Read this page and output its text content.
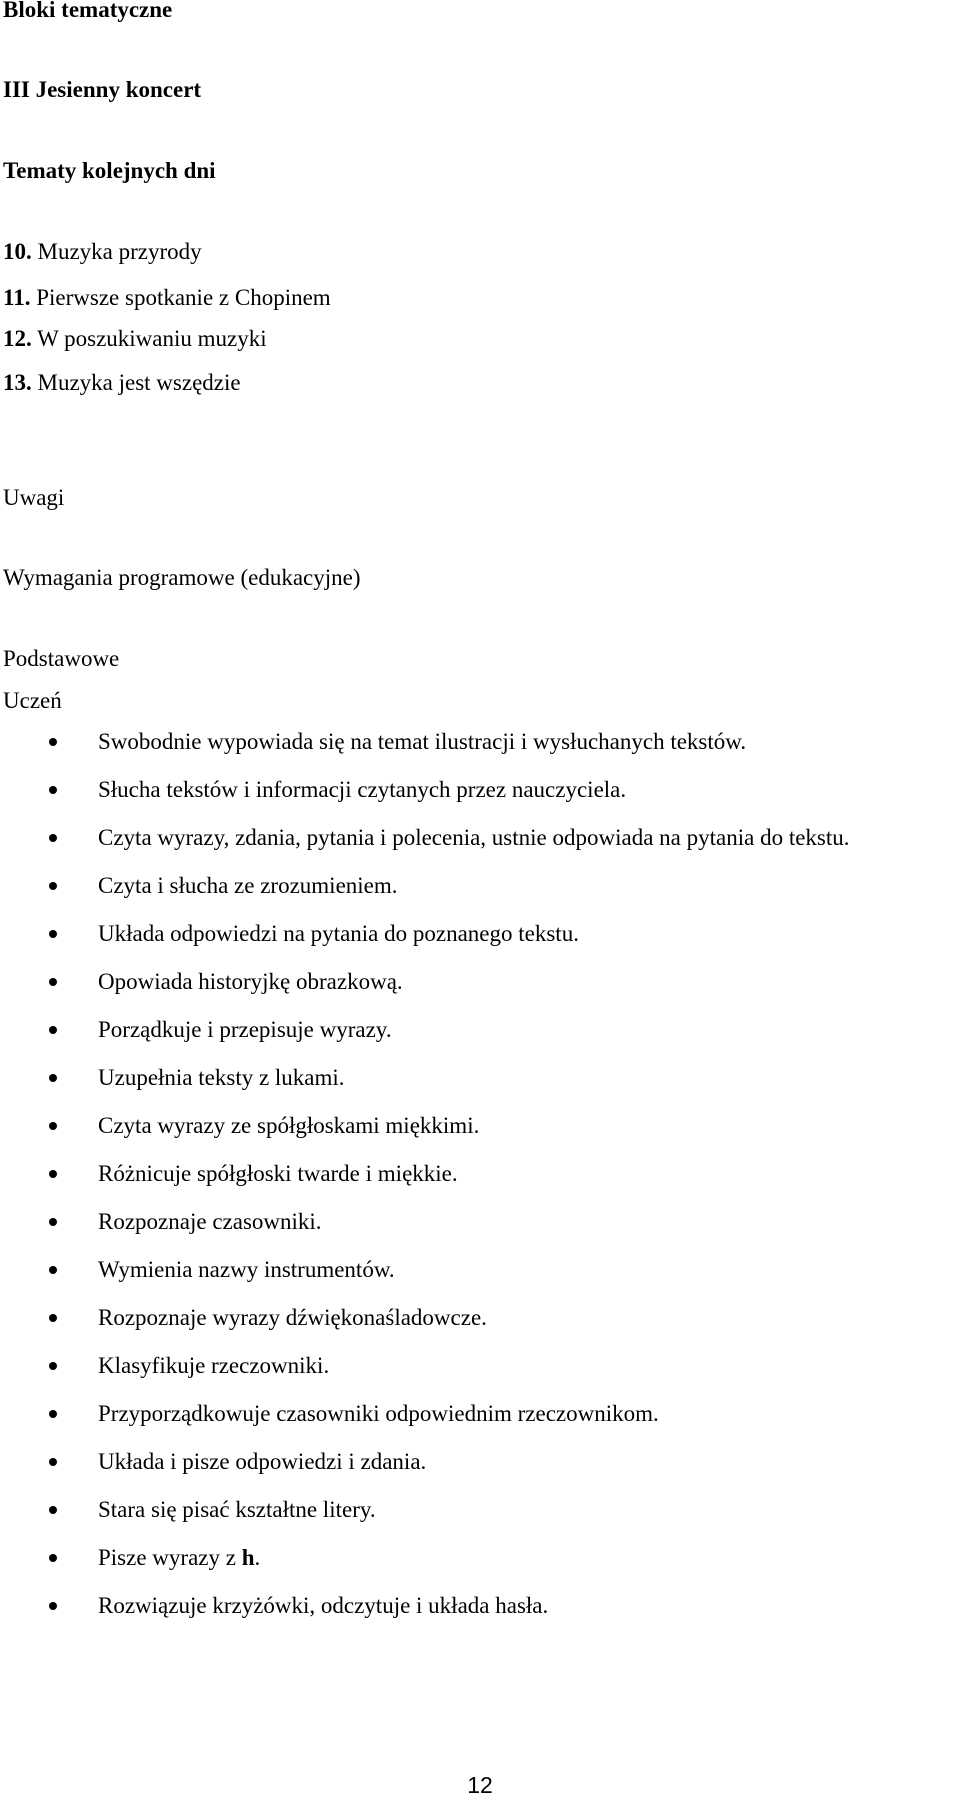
Bloki tematyczne
III Jesienny koncert
Tematy kolejnych dni
10. Muzyka przyrody
11. Pierwsze spotkanie z Chopinem
12. W poszukiwaniu muzyki
13. Muzyka jest wszędzie
Uwagi
Wymagania programowe (edukacyjne)
Podstawowe
Uczeń
Swobodnie wypowiada się na temat ilustracji i wysłuchanych tekstów.
Słucha tekstów i informacji czytanych przez nauczyciela.
Czyta wyrazy, zdania, pytania i polecenia, ustnie odpowiada na pytania do tekstu.
Czyta i słucha ze zrozumieniem.
Układa odpowiedzi na pytania do poznanego tekstu.
Opowiada historyjkę obrazkową.
Porządkuje i przepisuje wyrazy.
Uzupełnia teksty z lukami.
Czyta wyrazy ze spółgłoskami miękkimi.
Różnicuje spółgłoski twarde i miękkie.
Rozpoznaje czasowniki.
Wymienia nazwy instrumentów.
Rozpoznaje wyrazy dźwiękonaśladowcze.
Klasyfikuje rzeczowniki.
Przyporządkowuje czasowniki odpowiednim rzeczownikom.
Układa i pisze odpowiedzi i zdania.
Stara się pisać kształtne litery.
Pisze wyrazy z h.
Rozwiązuje krzyżówki, odczytuje i układa hasła.
12
